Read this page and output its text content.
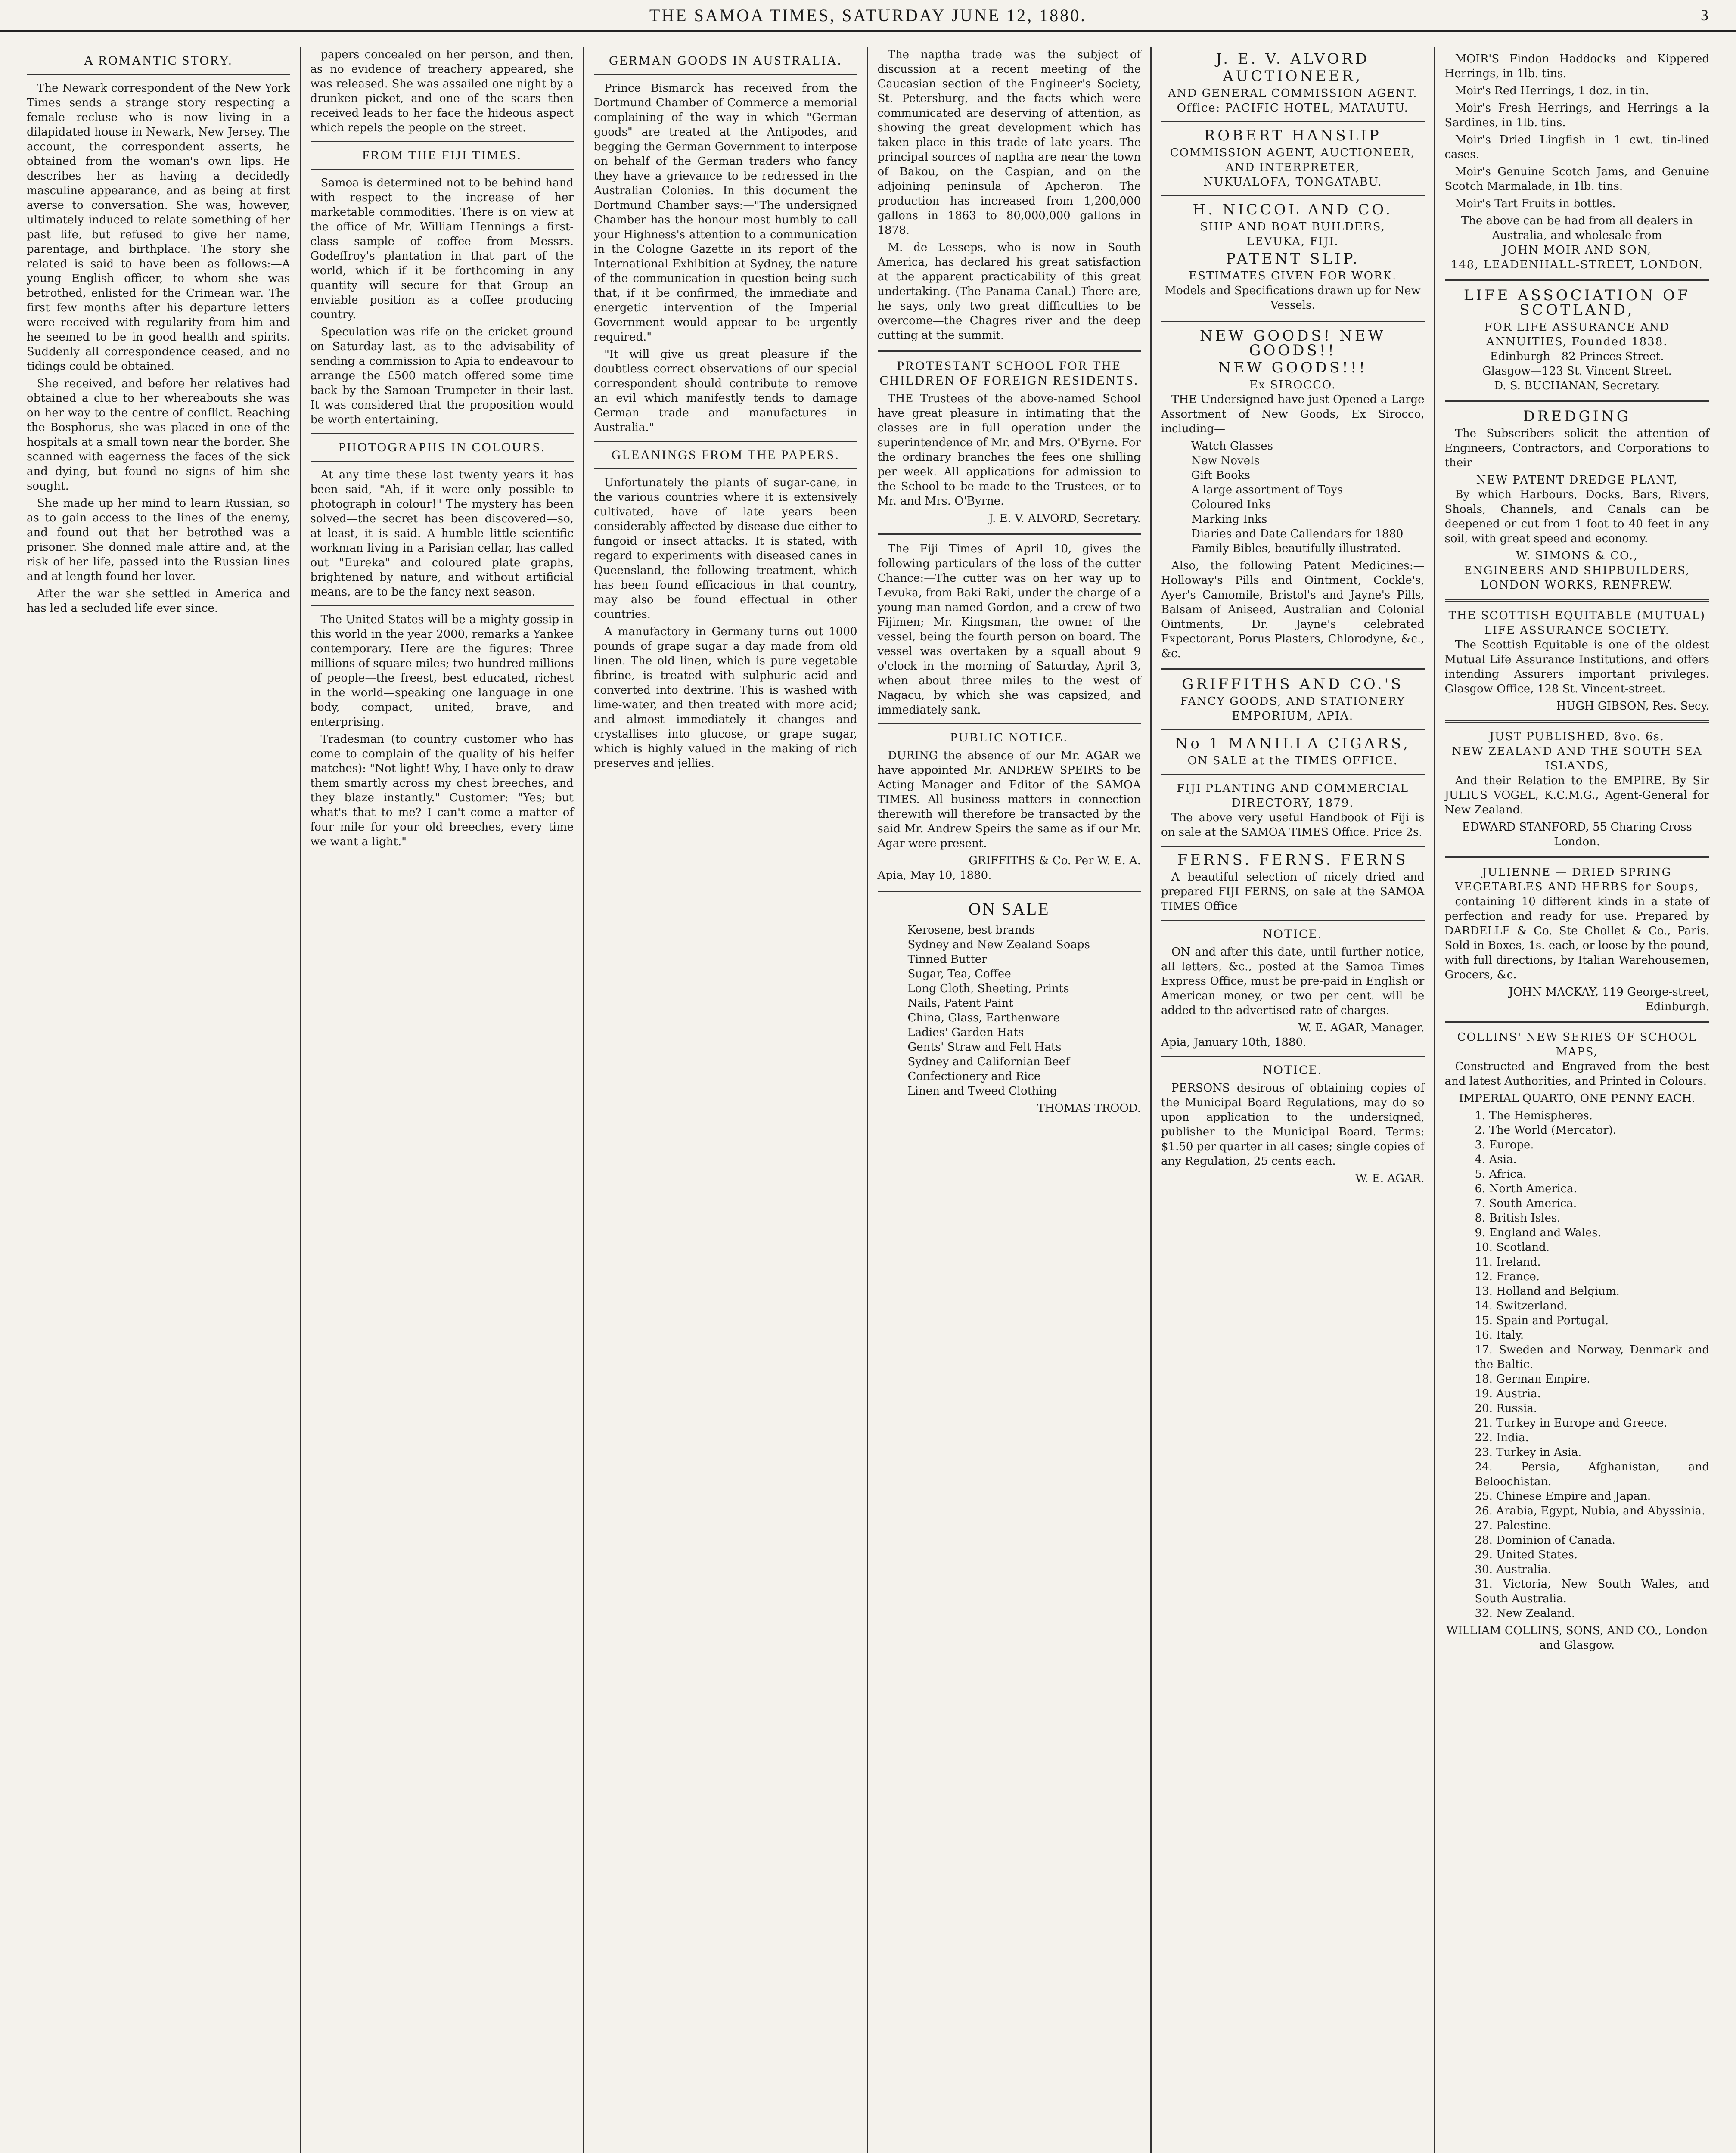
THE SAMOA TIMES, SATURDAY JUNE 12, 1880.	3
A ROMANTIC STORY.

The Newark correspondent of the New York Times sends a strange story respecting a female recluse who is now living in a dilapidated house in Newark, New Jersey. The account, the correspondent asserts, he obtained from the woman's own lips. He describes her as having a decidedly masculine appearance, and as being at first averse to conversation. She was, however, ultimately induced to relate something of her past life, but refused to give her name, parentage, and birthplace. The story she related is said to have been as follows:—A young English officer, to whom she was betrothed, enlisted for the Crimean war. The first few months after his departure letters were received with regularity from him and he seemed to be in good health and spirits. Suddenly all correspondence ceased, and no tidings could be obtained.

She received, and before her relatives had obtained a clue to her whereabouts she was on her way to the centre of conflict. Reaching the Bosphorus, she was placed in one of the hospitals at a small town near the border. She scanned with eagerness the faces of the sick and dying, but found no signs of him she sought.

She made up her mind to learn Russian, so as to gain access to the lines of the enemy, and found out that her betrothed was a prisoner. She donned male attire and, at the risk of her life, passed into the Russian lines and at length found her lover.

After the war she settled in America and has led a secluded life ever since.

papers concealed on her person, and then, as no evidence of treachery appeared, she was released. She was assailed one night by a drunken picket, and one of the scars then received leads to her face the hideous aspect which repels the people on the street.

FROM THE FIJI TIMES.

Samoa is determined not to be behind hand with respect to the increase of her marketable commodities. There is on view at the office of Mr. William Hennings a first-class sample of coffee from Messrs. Godeffroy's plantation in that part of the world, which if it be forthcoming in any quantity will secure for that Group an enviable position as a coffee producing country.

Speculation was rife on the cricket ground on Saturday last, as to the advisability of sending a commission to Apia to endeavour to arrange the £500 match offered some time back by the Samoan Trumpeter in their last. It was considered that the proposition would be worth entertaining.

PHOTOGRAPHS IN COLOURS.

At any time these last twenty years it has been said, "Ah, if it were only possible to photograph in colour!" The mystery has been solved—the secret has been discovered—so, at least, it is said. A humble little scientific workman living in a Parisian cellar, has called out "Eureka" and coloured plate graphs, brightened by nature, and without artificial means, are to be the fancy next season.

The United States will be a mighty gossip in this world in the year 2000, remarks a Yankee contemporary. Here are the figures: Three millions of square miles; two hundred millions of people—the freest, best educated, richest in the world—speaking one language in one body, compact, united, brave, and enterprising.

Tradesman (to country customer who has come to complain of the quality of his heifer matches): "Not light! Why, I have only to draw them smartly across my chest breeches, and they blaze instantly." Customer: "Yes; but what's that to me? I can't come a matter of four mile for your old breeches, every time we want a light."

GERMAN GOODS IN AUSTRALIA.

Prince Bismarck has received from the Dortmund Chamber of Commerce a memorial complaining of the way in which "German goods" are treated at the Antipodes, and begging the German Government to interpose on behalf of the German traders who fancy they have a grievance to be redressed in the Australian Colonies. In this document the Dortmund Chamber says:—"The undersigned Chamber has the honour most humbly to call your Highness's attention to a communication in the Cologne Gazette in its report of the International Exhibition at Sydney, the nature of the communication in question being such that, if it be confirmed, the immediate and energetic intervention of the Imperial Government would appear to be urgently required."

"It will give us great pleasure if the doubtless correct observations of our special correspondent should contribute to remove an evil which manifestly tends to damage German trade and manufactures in Australia."

GLEANINGS FROM THE PAPERS.

Unfortunately the plants of sugar-cane, in the various countries where it is extensively cultivated, have of late years been considerably affected by disease due either to fungoid or insect attacks. It is stated, with regard to experiments with diseased canes in Queensland, the following treatment, which has been found efficacious in that country, may also be found effectual in other countries.

A manufactory in Germany turns out 1000 pounds of grape sugar a day made from old linen. The old linen, which is pure vegetable fibrine, is treated with sulphuric acid and converted into dextrine. This is washed with lime-water, and then treated with more acid; and almost immediately it changes and crystallises into glucose, or grape sugar, which is highly valued in the making of rich preserves and jellies.

The naptha trade was the subject of discussion at a recent meeting of the Caucasian section of the Engineer's Society, St. Petersburg, and the facts which were communicated are deserving of attention, as showing the great development which has taken place in this trade of late years. The principal sources of naptha are near the town of Bakou, on the Caspian, and on the adjoining peninsula of Apcheron. The production has increased from 1,200,000 gallons in 1863 to 80,000,000 gallons in 1878.

M. de Lesseps, who is now in South America, has declared his great satisfaction at the apparent practicability of this great undertaking. (The Panama Canal.) There are, he says, only two great difficulties to be overcome—the Chagres river and the deep cutting at the summit.

PROTESTANT SCHOOL FOR THE CHILDREN OF FOREIGN RESIDENTS.

THE Trustees of the above-named School have great pleasure in intimating that the classes are in full operation under the superintendence of Mr. and Mrs. O'Byrne. For the ordinary branches the fees one shilling per week. All applications for admission to the School to be made to the Trustees, or to Mr. and Mrs. O'Byrne.

J. E. V. ALVORD, Secretary.

The Fiji Times of April 10, gives the following particulars of the loss of the cutter Chance:—The cutter was on her way up to Levuka, from Baki Raki, under the charge of a young man named Gordon, and a crew of two Fijimen; Mr. Kingsman, the owner of the vessel, being the fourth person on board. The vessel was overtaken by a squall about 9 o'clock in the morning of Saturday, April 3, when about three miles to the west of Nagacu, by which she was capsized, and immediately sank.

PUBLIC NOTICE.

DURING the absence of our Mr. AGAR we have appointed Mr. ANDREW SPEIRS to be Acting Manager and Editor of the SAMOA TIMES. All business matters in connection therewith will therefore be transacted by the said Mr. Andrew Speirs the same as if our Mr. Agar were present.

GRIFFITHS & Co. Per W. E. A.
Apia, May 10, 1880.
ON SALE
Kerosene, best brands
Sydney and New Zealand Soaps
Tinned Butter
Sugar, Tea, Coffee
Long Cloth, Sheeting, Prints
Nails, Patent Paint
China, Glass, Earthenware
Ladies' Garden Hats
Gents' Straw and Felt Hats
Sydney and Californian Beef
Confectionery and Rice
Linen and Tweed Clothing
THOMAS TROOD.
J. E. V. ALVORD
AUCTIONEER,
AND GENERAL COMMISSION AGENT.
Office: PACIFIC HOTEL, MATAUTU.
ROBERT HANSLIP
COMMISSION AGENT, AUCTIONEER, AND INTERPRETER,
NUKUALOFA, TONGATABU.
H. NICCOL AND CO.
SHIP AND BOAT BUILDERS,
LEVUKA, FIJI.
PATENT SLIP.
ESTIMATES GIVEN FOR WORK.
Models and Specifications drawn up for New Vessels.
NEW GOODS! NEW GOODS!!
NEW GOODS!!!
Ex SIROCCO.

THE Undersigned have just Opened a Large Assortment of New Goods, Ex Sirocco, including—

Watch Glasses
New Novels
Gift Books
A large assortment of Toys
Coloured Inks
Marking Inks
Diaries and Date Callendars for 1880
Family Bibles, beautifully illustrated.

Also, the following Patent Medicines:—Holloway's Pills and Ointment, Cockle's, Ayer's Camomile, Bristol's and Jayne's Pills, Balsam of Aniseed, Australian and Colonial Ointments, Dr. Jayne's celebrated Expectorant, Porus Plasters, Chlorodyne, &c., &c.

GRIFFITHS AND CO.'S
FANCY GOODS, AND STATIONERY EMPORIUM, APIA.
No 1 MANILLA CIGARS,
ON SALE at the TIMES OFFICE.
FIJI PLANTING AND COMMERCIAL DIRECTORY, 1879.

The above very useful Handbook of Fiji is on sale at the SAMOA TIMES Office. Price 2s.

FERNS. FERNS. FERNS

A beautiful selection of nicely dried and prepared FIJI FERNS, on sale at the SAMOA TIMES Office

NOTICE.

ON and after this date, until further notice, all letters, &c., posted at the Samoa Times Express Office, must be pre-paid in English or American money, or two per cent. will be added to the advertised rate of charges.

W. E. AGAR, Manager.
Apia, January 10th, 1880.
NOTICE.

PERSONS desirous of obtaining copies of the Municipal Board Regulations, may do so upon application to the undersigned, publisher to the Municipal Board. Terms: $1.50 per quarter in all cases; single copies of any Regulation, 25 cents each.

W. E. AGAR.

MOIR'S Findon Haddocks and Kippered Herrings, in 1lb. tins.

Moir's Red Herrings, 1 doz. in tin.

Moir's Fresh Herrings, and Herrings a la Sardines, in 1lb. tins.

Moir's Dried Lingfish in 1 cwt. tin-lined cases.

Moir's Genuine Scotch Jams, and Genuine Scotch Marmalade, in 1lb. tins.

Moir's Tart Fruits in bottles.

The above can be had from all dealers in Australia, and wholesale from
JOHN MOIR AND SON,
148, LEADENHALL-STREET, LONDON.
LIFE ASSOCIATION OF SCOTLAND,
FOR LIFE ASSURANCE AND ANNUITIES, Founded 1838.
Edinburgh—82 Princes Street.
Glasgow—123 St. Vincent Street.
D. S. BUCHANAN, Secretary.
DREDGING

The Subscribers solicit the attention of Engineers, Contractors, and Corporations to their

NEW PATENT DREDGE PLANT,

By which Harbours, Docks, Bars, Rivers, Shoals, Channels, and Canals can be deepened or cut from 1 foot to 40 feet in any soil, with great speed and economy.

W. SIMONS & CO.,
ENGINEERS AND SHIPBUILDERS, LONDON WORKS, RENFREW.
THE SCOTTISH EQUITABLE (MUTUAL) LIFE ASSURANCE SOCIETY.

The Scottish Equitable is one of the oldest Mutual Life Assurance Institutions, and offers intending Assurers important privileges. Glasgow Office, 128 St. Vincent-street.

HUGH GIBSON, Res. Secy.
JUST PUBLISHED, 8vo. 6s.
NEW ZEALAND AND THE SOUTH SEA ISLANDS,

And their Relation to the EMPIRE. By Sir JULIUS VOGEL, K.C.M.G., Agent-General for New Zealand.

EDWARD STANFORD, 55 Charing Cross London.
JULIENNE — DRIED SPRING VEGETABLES AND HERBS for Soups,

containing 10 different kinds in a state of perfection and ready for use. Prepared by DARDELLE & Co. Ste Chollet & Co., Paris. Sold in Boxes, 1s. each, or loose by the pound, with full directions, by Italian Warehousemen, Grocers, &c.

JOHN MACKAY, 119 George-street, Edinburgh.
COLLINS' NEW SERIES OF SCHOOL MAPS,

Constructed and Engraved from the best and latest Authorities, and Printed in Colours.

IMPERIAL QUARTO, ONE PENNY EACH.
1. The Hemispheres.
2. The World (Mercator).
3. Europe.
4. Asia.
5. Africa.
6. North America.
7. South America.
8. British Isles.
9. England and Wales.
10. Scotland.
11. Ireland.
12. France.
13. Holland and Belgium.
14. Switzerland.
15. Spain and Portugal.
16. Italy.
17. Sweden and Norway, Denmark and the Baltic.
18. German Empire.
19. Austria.
20. Russia.
21. Turkey in Europe and Greece.
22. India.
23. Turkey in Asia.
24. Persia, Afghanistan, and Beloochistan.
25. Chinese Empire and Japan.
26. Arabia, Egypt, Nubia, and Abyssinia.
27. Palestine.
28. Dominion of Canada.
29. United States.
30. Australia.
31. Victoria, New South Wales, and South Australia.
32. New Zealand.
WILLIAM COLLINS, SONS, AND CO., London and Glasgow.
